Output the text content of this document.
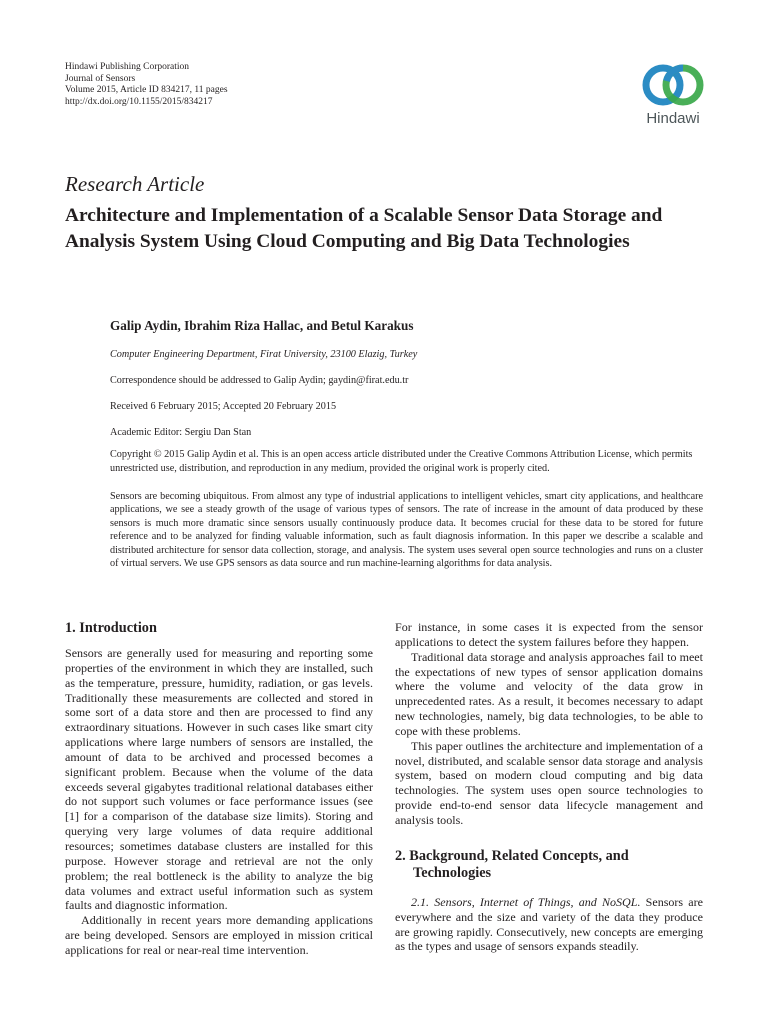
Hindawi Publishing Corporation
Journal of Sensors
Volume 2015, Article ID 834217, 11 pages
http://dx.doi.org/10.1155/2015/834217
Hindawi
Research Article
Architecture and Implementation of a Scalable Sensor Data Storage and Analysis System Using Cloud Computing and Big Data Technologies
Galip Aydin, Ibrahim Riza Hallac, and Betul Karakus
Computer Engineering Department, Firat University, 23100 Elazig, Turkey
Correspondence should be addressed to Galip Aydin; gaydin@firat.edu.tr
Received 6 February 2015; Accepted 20 February 2015
Academic Editor: Sergiu Dan Stan
Copyright © 2015 Galip Aydin et al. This is an open access article distributed under the Creative Commons Attribution License, which permits unrestricted use, distribution, and reproduction in any medium, provided the original work is properly cited.

Sensors are becoming ubiquitous. From almost any type of industrial applications to intelligent vehicles, smart city applications, and healthcare applications, we see a steady growth of the usage of various types of sensors. The rate of increase in the amount of data produced by these sensors is much more dramatic since sensors usually continuously produce data. It becomes crucial for these data to be stored for future reference and to be analyzed for finding valuable information, such as fault diagnosis information. In this paper we describe a scalable and distributed architecture for sensor data collection, storage, and analysis. The system uses several open source technologies and runs on a cluster of virtual servers. We use GPS sensors as data source and run machine-learning algorithms for data analysis.

1. Introduction

Sensors are generally used for measuring and reporting some properties of the environment in which they are installed, such as the temperature, pressure, humidity, radiation, or gas levels. Traditionally these measurements are collected and stored in some sort of a data store and then are processed to find any extraordinary situations. However in such cases like smart city applications where large numbers of sensors are installed, the amount of data to be archived and processed becomes a significant problem. Because when the volume of the data exceeds several gigabytes traditional relational databases either do not support such volumes or face performance issues (see [1] for a comparison of the database size limits). Storing and querying very large volumes of data require additional resources; sometimes database clusters are installed for this purpose. However storage and retrieval are not the only problem; the real bottleneck is the ability to analyze the big data volumes and extract useful information such as system faults and diagnostic information.

Additionally in recent years more demanding applications are being developed. Sensors are employed in mission critical applications for real or near-real time intervention.

For instance, in some cases it is expected from the sensor applications to detect the system failures before they happen.

Traditional data storage and analysis approaches fail to meet the expectations of new types of sensor application domains where the volume and velocity of the data grow in unprecedented rates. As a result, it becomes necessary to adapt new technologies, namely, big data technologies, to be able to cope with these problems.

This paper outlines the architecture and implementation of a novel, distributed, and scalable sensor data storage and analysis system, based on modern cloud computing and big data technologies. The system uses open source technologies to provide end-to-end sensor data lifecycle management and analysis tools.

2. Background, Related Concepts, and Technologies

2.1. Sensors, Internet of Things, and NoSQL. Sensors are everywhere and the size and variety of the data they produce are growing rapidly. Consecutively, new concepts are emerging as the types and usage of sensors expands steadily.
